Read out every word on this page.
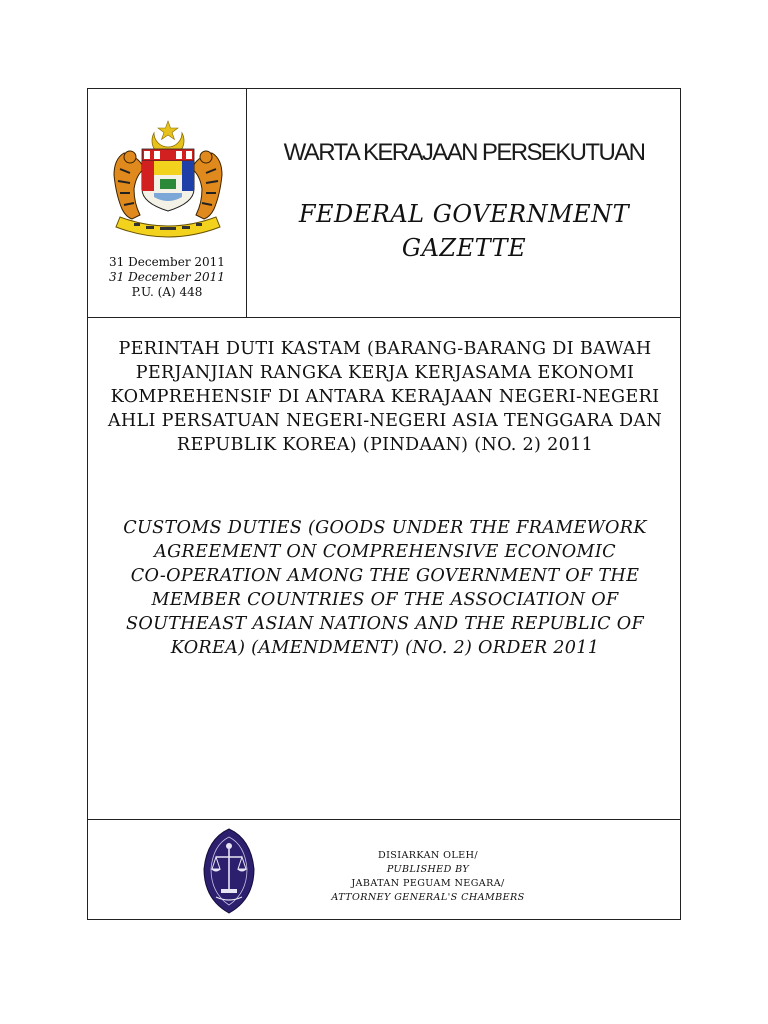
31 December 2011
31 December 2011
P.U. (A) 448
WARTA KERAJAAN PERSEKUTUAN
FEDERAL GOVERNMENT
GAZETTE
PERINTAH DUTI KASTAM (BARANG-BARANG DI BAWAH
PERJANJIAN RANGKA KERJA KERJASAMA EKONOMI
KOMPREHENSIF DI ANTARA KERAJAAN NEGERI-NEGERI
AHLI PERSATUAN NEGERI-NEGERI ASIA TENGGARA DAN
REPUBLIK KOREA) (PINDAAN) (NO. 2) 2011
CUSTOMS DUTIES (GOODS UNDER THE FRAMEWORK
AGREEMENT ON COMPREHENSIVE ECONOMIC
CO-OPERATION AMONG THE GOVERNMENT OF THE
MEMBER COUNTRIES OF THE ASSOCIATION OF
SOUTHEAST ASIAN NATIONS AND THE REPUBLIC OF
KOREA) (AMENDMENT) (NO. 2) ORDER 2011
DISIARKAN OLEH/
PUBLISHED BY
JABATAN PEGUAM NEGARA/
ATTORNEY GENERAL'S CHAMBERS
